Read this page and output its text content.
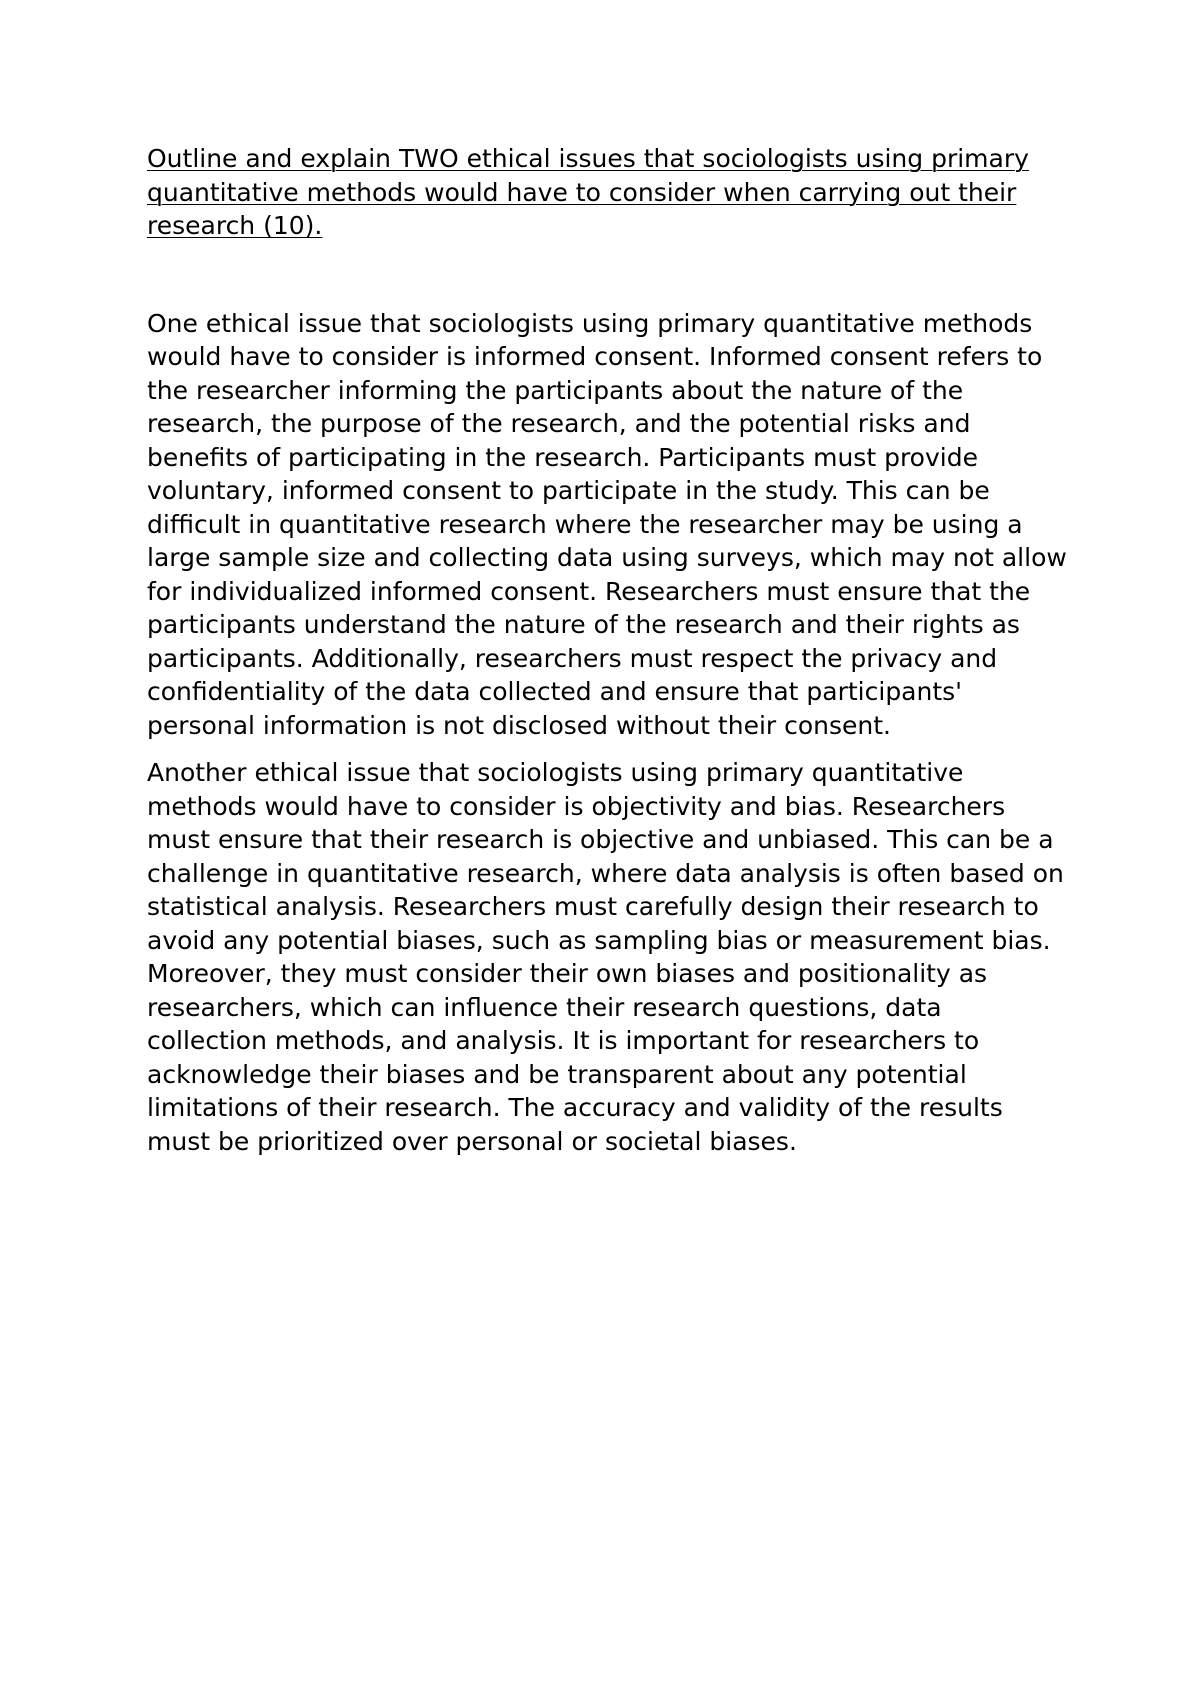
Outline and explain TWO ethical issues that sociologists using primary quantitative methods would have to consider when carrying out their research (10).

One ethical issue that sociologists using primary quantitative methods would have to consider is informed consent. Informed consent refers to the researcher informing the participants about the nature of the research, the purpose of the research, and the potential risks and benefits of participating in the research. Participants must provide voluntary, informed consent to participate in the study. This can be difficult in quantitative research where the researcher may be using a large sample size and collecting data using surveys, which may not allow for individualized informed consent. Researchers must ensure that the participants understand the nature of the research and their rights as participants. Additionally, researchers must respect the privacy and confidentiality of the data collected and ensure that participants' personal information is not disclosed without their consent.

Another ethical issue that sociologists using primary quantitative methods would have to consider is objectivity and bias. Researchers must ensure that their research is objective and unbiased. This can be a challenge in quantitative research, where data analysis is often based on statistical analysis. Researchers must carefully design their research to avoid any potential biases, such as sampling bias or measurement bias. Moreover, they must consider their own biases and positionality as researchers, which can influence their research questions, data collection methods, and analysis. It is important for researchers to acknowledge their biases and be transparent about any potential limitations of their research. The accuracy and validity of the results must be prioritized over personal or societal biases.
